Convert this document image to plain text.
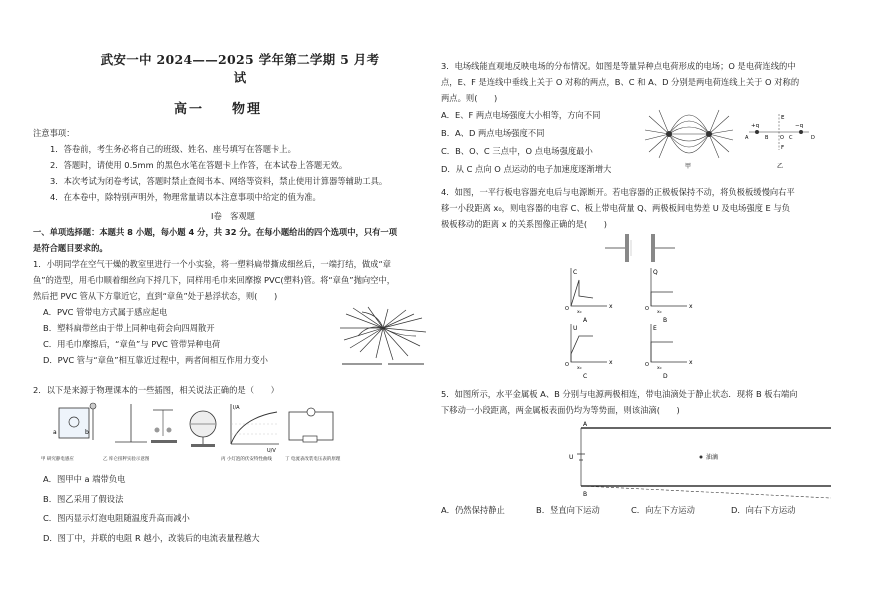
武安一中 2024——2025 学年第二学期 5 月考试
高一 物理
注意事项：
1．答卷前，考生务必将自己的班级、姓名、座号填写在答题卡上。
2．答题时，请使用 0.5mm 的黑色水笔在答题卡上作答，在本试卷上答题无效。
3．本次考试为闭卷考试，答题时禁止查阅书本、网络等资料，禁止使用计算器等辅助工具。
4．在本卷中，除特别声明外，物理常量请以本注意事项中给定的值为准。
Ⅰ卷　客观题
一、单项选择题：本题共 8 小题，每小题 4 分，共 32 分。在每小题给出的四个选项中，只有一项
是符合题目要求的。
1．小明同学在空气干燥的教室里进行一个小实验，将一塑料扁带撕成细丝后，一端打结，做成“章
鱼”的造型，用毛巾顺着细丝向下捋几下，同样用毛巾来回摩擦 PVC(塑料)管。将“章鱼”抛向空中，
然后把 PVC 管从下方靠近它，直到“章鱼”处于悬浮状态，则(　　)
A．PVC 管带电方式属于感应起电
B．塑料扁带丝由于带上同种电荷会向四周散开
C．用毛巾摩擦后，“章鱼”与 PVC 管带异种电荷
D．PVC 管与“章鱼”相互靠近过程中，两者间相互作用力变小
2．以下是来源于物理课本的一些插图，相关说法正确的是（　　）
a	b
I/A
U/V
甲 研究静电感应	乙 库仑扭秤实验示意图	丙 小灯泡的伏安特性曲线	丁 电流表改装电压表的原理
A．图甲中 a 端带负电
B．图乙采用了假设法
C．图丙显示灯泡电阻随温度升高而减小
D．图丁中，并联的电阻 R 越小，改装后的电流表量程越大
3．电场线能直观地反映电场的分布情况。如图是等量异种点电荷形成的电场；O 是电荷连线的中
点，E、F 是连线中垂线上关于 O 对称的两点，B、C 和 A、D 分别是两电荷连线上关于 O 对称的
两点。则(　　)
A．E、F 两点电场强度大小相等，方向不同
B．A、D 两点电场强度不同
C．B、O、C 三点中，O 点电场强度最小
D．从 C 点向 O 点运动的电子加速度逐渐增大	甲
+q	−q
E
F
A	B O C	D
乙
4．如图，一平行板电容器充电后与电源断开。若电容器的正极板保持不动，将负极板缓慢向右平
移一小段距离 x₀，则电容器的电容 C、板上带电荷量 Q、两极板间电势差 U 及电场强度 E 与负
极板移动的距离 x 的关系图像正确的是(　　)
C
x
O
x₀
A
Q
x
O
x₀
B
U
x
O
x₀
C
E
x
O
x₀
D
5．如图所示，水平金属板 A、B 分别与电源两极相连，带电油滴处于静止状态．现将 B 板右端向
下移动一小段距离，两金属板表面仍均为等势面，则该油滴(　　)
A
B
U	油滴
A．仍然保持静止	B．竖直向下运动	C．向左下方运动	D．向右下方运动
